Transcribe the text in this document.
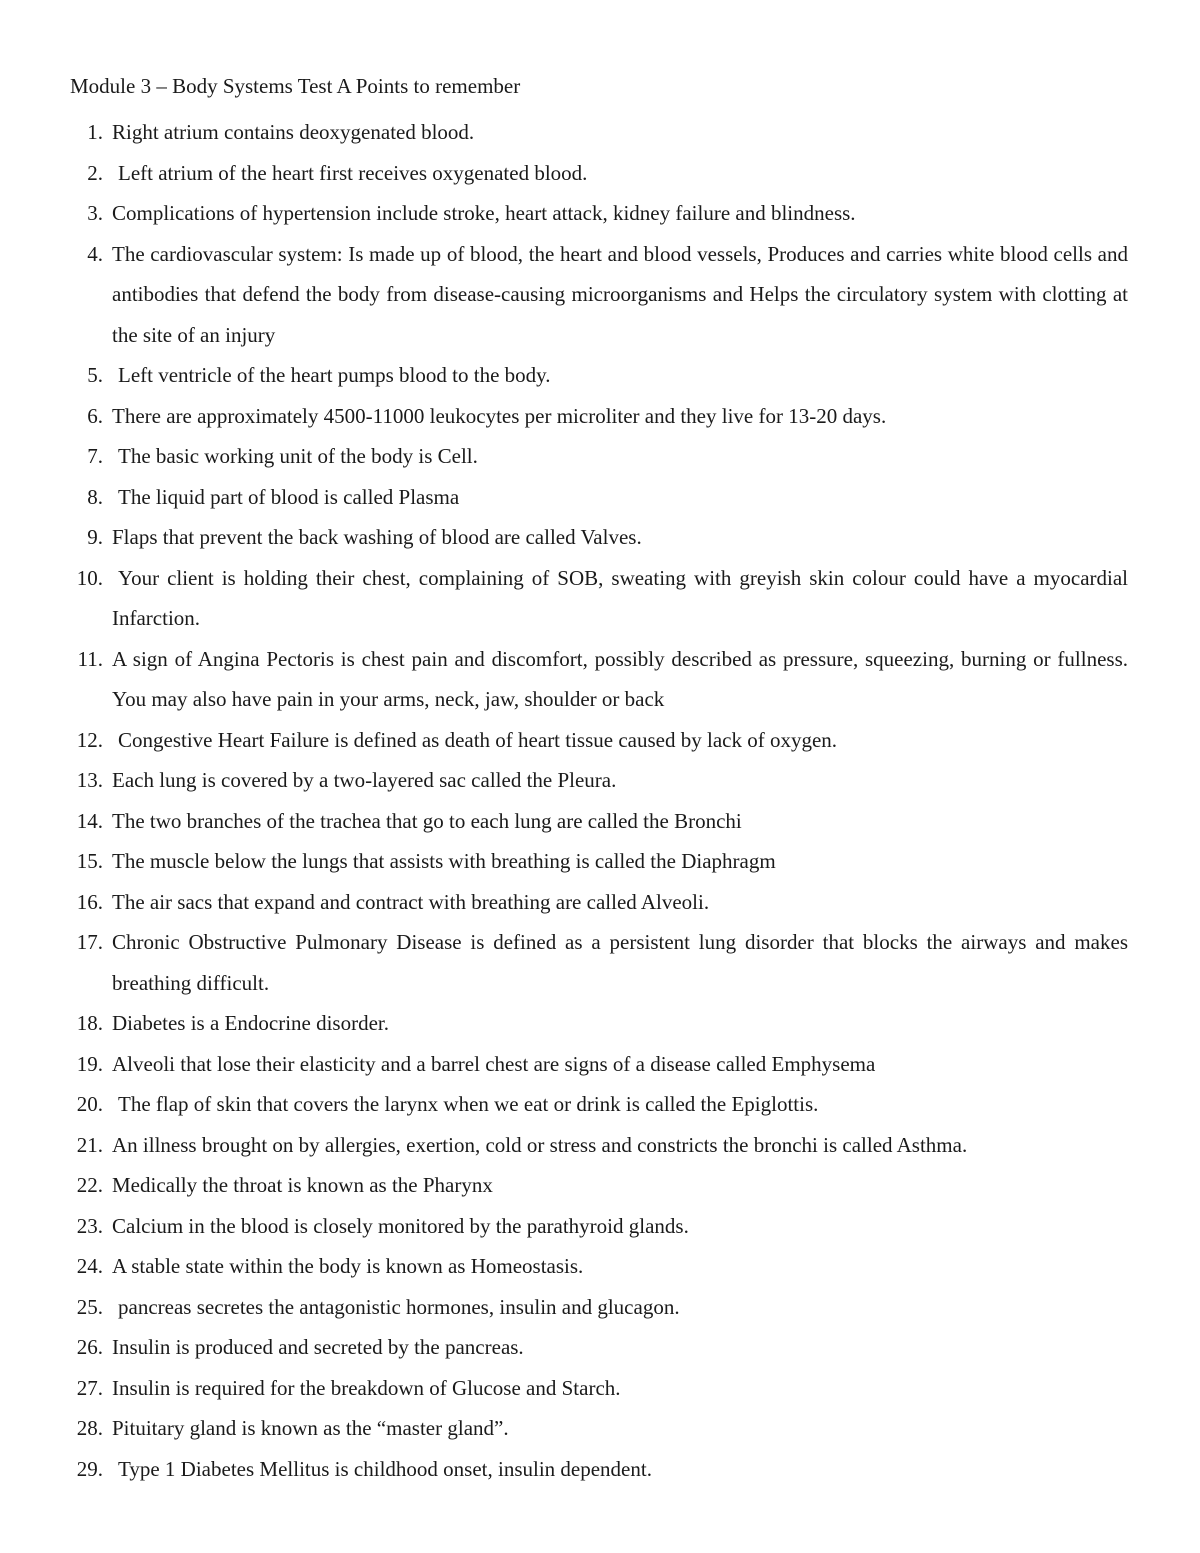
Module 3 – Body Systems Test A Points to remember
1. Right atrium contains deoxygenated blood.
2. Left atrium of the heart first receives oxygenated blood.
3. Complications of hypertension include stroke, heart attack, kidney failure and blindness.
4. The cardiovascular system: Is made up of blood, the heart and blood vessels, Produces and carries white blood cells and antibodies that defend the body from disease-causing microorganisms and Helps the circulatory system with clotting at the site of an injury
5. Left ventricle of the heart pumps blood to the body.
6. There are approximately 4500-11000 leukocytes per microliter and they live for 13-20 days.
7. The basic working unit of the body is Cell.
8. The liquid part of blood is called Plasma
9. Flaps that prevent the back washing of blood are called Valves.
10. Your client is holding their chest, complaining of SOB, sweating with greyish skin colour could have a myocardial Infarction.
11. A sign of Angina Pectoris is chest pain and discomfort, possibly described as pressure, squeezing, burning or fullness. You may also have pain in your arms, neck, jaw, shoulder or back
12. Congestive Heart Failure is defined as death of heart tissue caused by lack of oxygen.
13. Each lung is covered by a two-layered sac called the Pleura.
14. The two branches of the trachea that go to each lung are called the Bronchi
15. The muscle below the lungs that assists with breathing is called the Diaphragm
16. The air sacs that expand and contract with breathing are called Alveoli.
17. Chronic Obstructive Pulmonary Disease is defined as a persistent lung disorder that blocks the airways and makes breathing difficult.
18. Diabetes is a Endocrine disorder.
19. Alveoli that lose their elasticity and a barrel chest are signs of a disease called Emphysema
20. The flap of skin that covers the larynx when we eat or drink is called the Epiglottis.
21. An illness brought on by allergies, exertion, cold or stress and constricts the bronchi is called Asthma.
22. Medically the throat is known as the Pharynx
23. Calcium in the blood is closely monitored by the parathyroid glands.
24. A stable state within the body is known as Homeostasis.
25. pancreas secretes the antagonistic hormones, insulin and glucagon.
26. Insulin is produced and secreted by the pancreas.
27. Insulin is required for the breakdown of Glucose and Starch.
28. Pituitary gland is known as the “master gland”.
29. Type 1 Diabetes Mellitus is childhood onset, insulin dependent.
